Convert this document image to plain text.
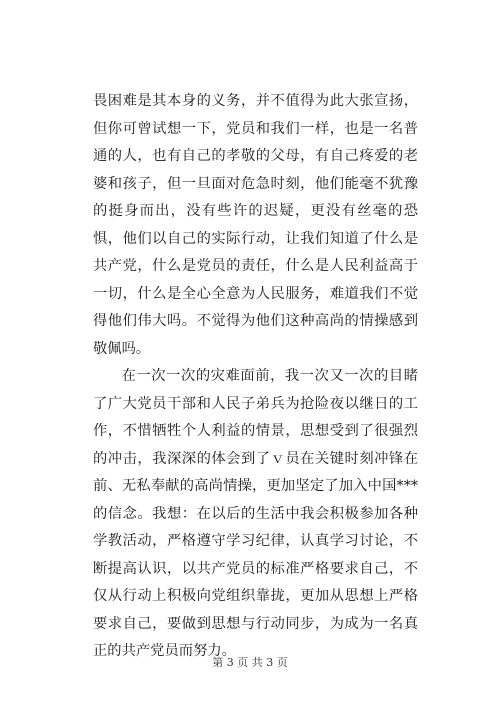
畏困难是其本身的义务，并不值得为此大张宣扬，但你可曾试想一下，党员和我们一样，也是一名普通的人，也有自己的孝敬的父母，有自己疼爱的老婆和孩子，但一旦面对危急时刻，他们能毫不犹豫的挺身而出，没有些许的迟疑，更没有丝毫的恐惧，他们以自己的实际行动，让我们知道了什么是共产党，什么是党员的责任，什么是人民利益高于一切，什么是全心全意为人民服务，难道我们不觉得他们伟大吗。不觉得为他们这种高尚的情操感到敬佩吗。

在一次一次的灾难面前，我一次又一次的目睹了广大党员干部和人民子弟兵为抢险夜以继日的工作，不惜牺牲个人利益的情景，思想受到了很强烈的冲击，我深深的体会到了ｖ员在关键时刻冲锋在前、无私奉献的高尚情操，更加坚定了加入中国***的信念。我想：在以后的生活中我会积极参加各种学教活动，严格遵守学习纪律，认真学习讨论，不断提高认识，以共产党员的标准严格要求自己，不仅从行动上积极向党组织靠拢，更加从思想上严格要求自己，要做到思想与行动同步，为成为一名真正的共产党员而努力。

第 3 页 共 3 页
